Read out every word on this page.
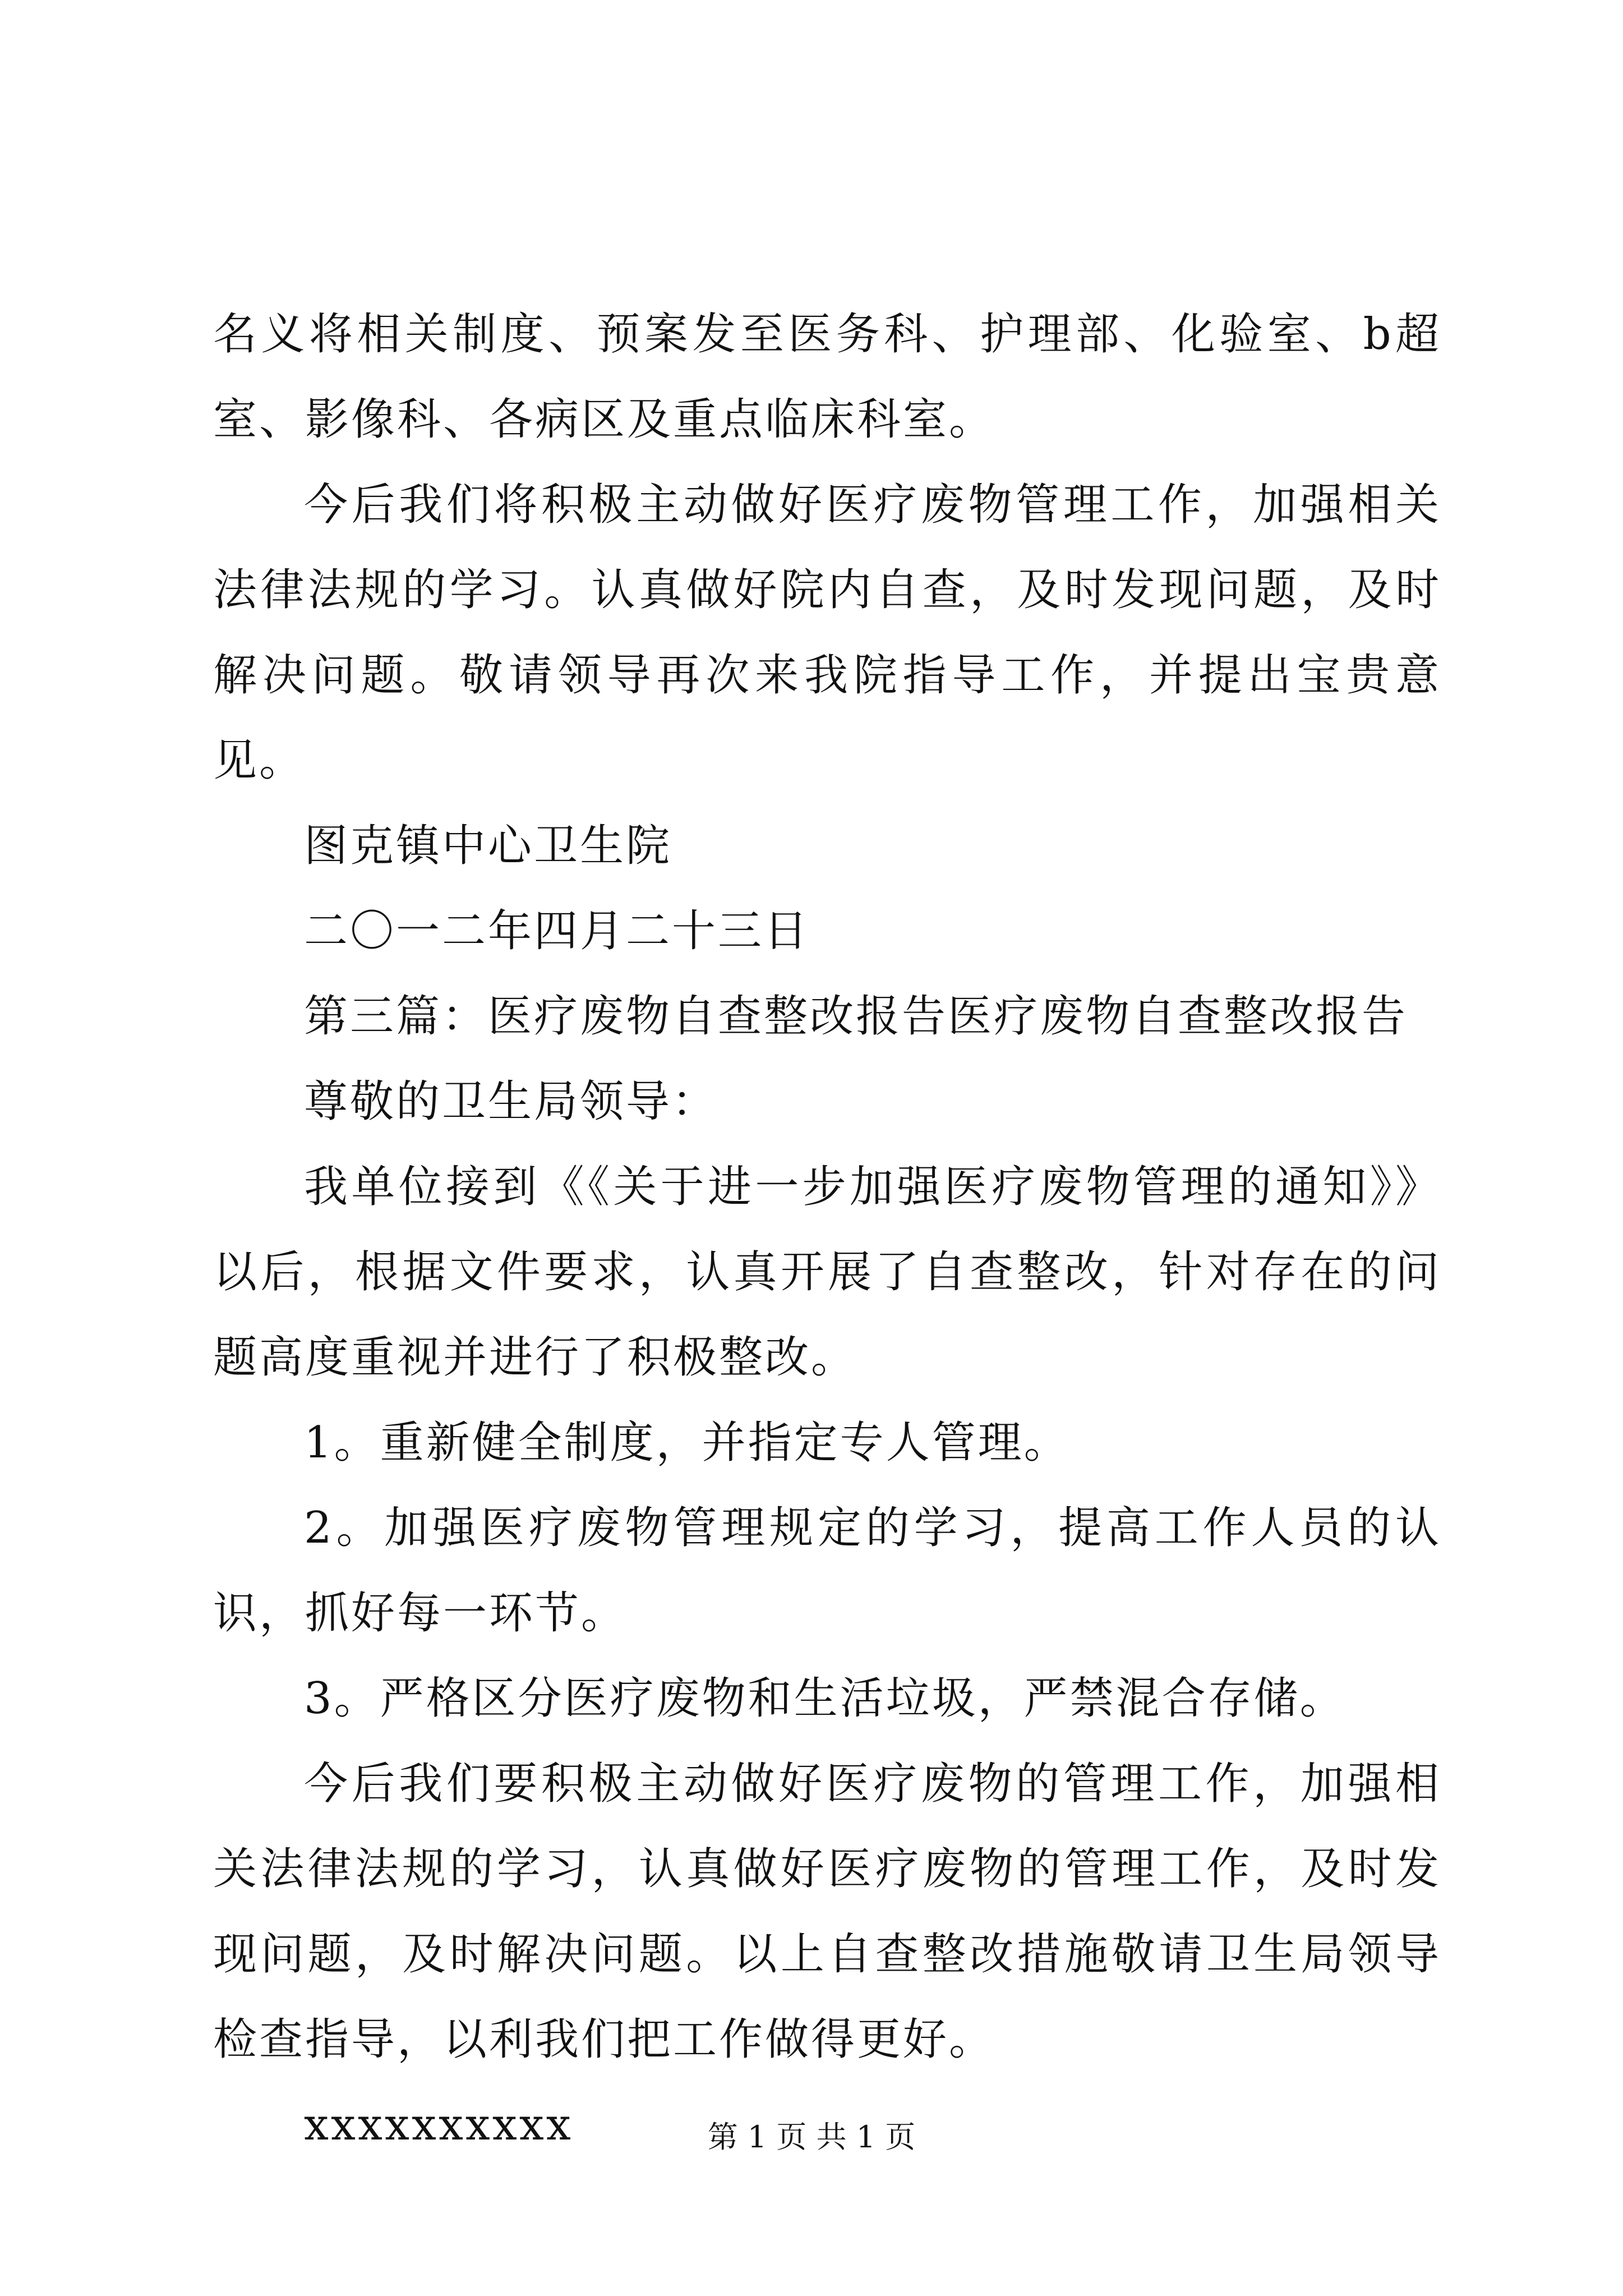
名义将相关制度、预案发至医务科、护理部、化验室、b超室、影像科、各病区及重点临床科室。

今后我们将积极主动做好医疗废物管理工作，加强相关法律法规的学习。认真做好院内自查，及时发现问题，及时解决问题。敬请领导再次来我院指导工作，并提出宝贵意见。

图克镇中心卫生院

二〇一二年四月二十三日

第三篇：医疗废物自查整改报告医疗废物自查整改报告

尊敬的卫生局领导：

我单位接到《《关于进一步加强医疗废物管理的通知》》以后，根据文件要求，认真开展了自查整改，针对存在的问题高度重视并进行了积极整改。

1。重新健全制度，并指定专人管理。

2。加强医疗废物管理规定的学习，提高工作人员的认识，抓好每一环节。

3。严格区分医疗废物和生活垃圾，严禁混合存储。

今后我们要积极主动做好医疗废物的管理工作，加强相关法律法规的学习，认真做好医疗废物的管理工作，及时发现问题，及时解决问题。以上自查整改措施敬请卫生局领导检查指导，以利我们把工作做得更好。

xxxxxxxxxx	第 1 页 共 1 页
